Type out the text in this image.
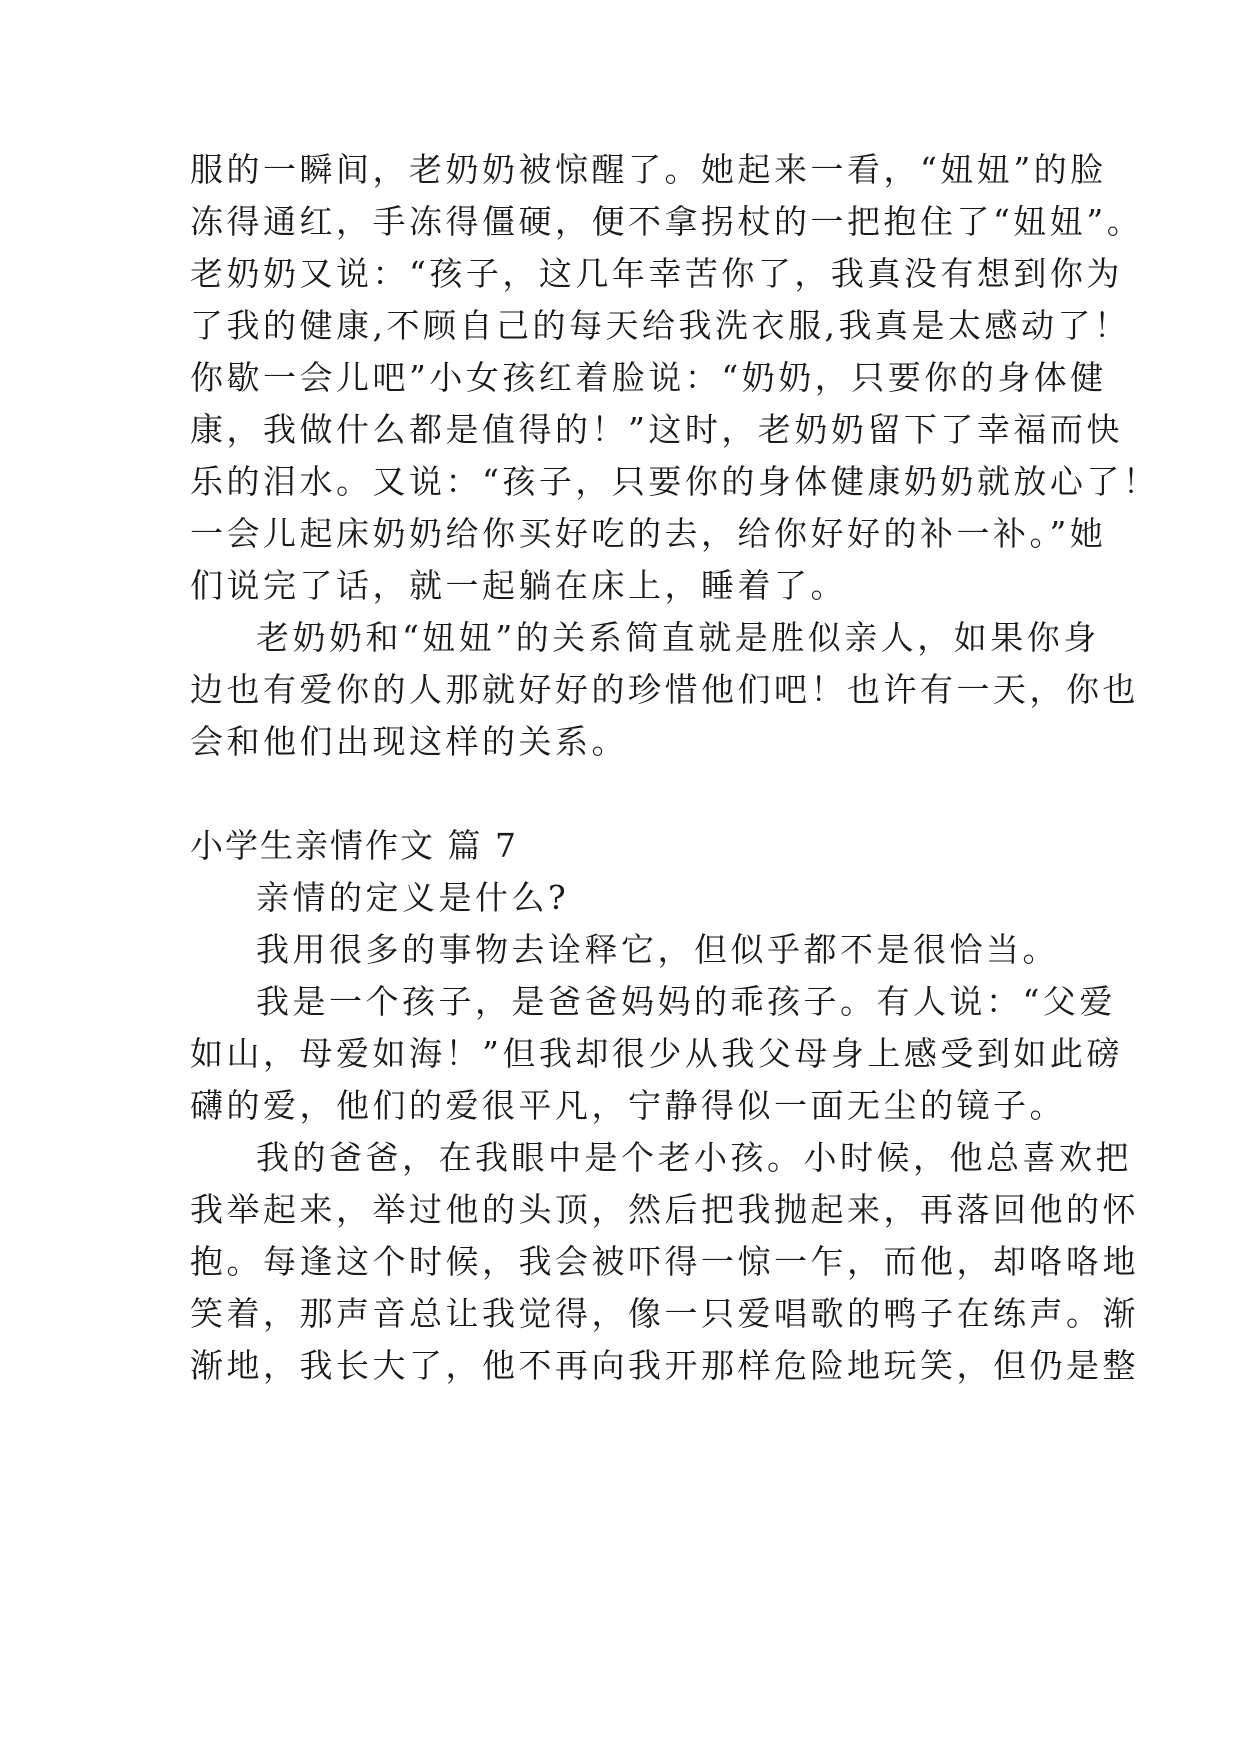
服的一瞬间，老奶奶被惊醒了。她起来一看，“妞妞”的脸
冻得通红，手冻得僵硬，便不拿拐杖的一把抱住了“妞妞”。
老奶奶又说：“孩子，这几年幸苦你了，我真没有想到你为
了我的健康,不顾自己的每天给我洗衣服,我真是太感动了！
你歇一会儿吧”小女孩红着脸说：“奶奶，只要你的身体健
康，我做什么都是值得的！”这时，老奶奶留下了幸福而快
乐的泪水。又说：“孩子，只要你的身体健康奶奶就放心了！
一会儿起床奶奶给你买好吃的去，给你好好的补一补。”她
们说完了话，就一起躺在床上，睡着了。
老奶奶和“妞妞”的关系简直就是胜似亲人，如果你身
边也有爱你的人那就好好的珍惜他们吧！也许有一天，你也
会和他们出现这样的关系。
小学生亲情作文 篇 7
亲情的定义是什么?
我用很多的事物去诠释它，但似乎都不是很恰当。
我是一个孩子，是爸爸妈妈的乖孩子。有人说：“父爱
如山，母爱如海！”但我却很少从我父母身上感受到如此磅
礴的爱，他们的爱很平凡，宁静得似一面无尘的镜子。
我的爸爸，在我眼中是个老小孩。小时候，他总喜欢把
我举起来，举过他的头顶，然后把我抛起来，再落回他的怀
抱。每逢这个时候，我会被吓得一惊一乍，而他，却咯咯地
笑着，那声音总让我觉得，像一只爱唱歌的鸭子在练声。渐
渐地，我长大了，他不再向我开那样危险地玩笑，但仍是整
